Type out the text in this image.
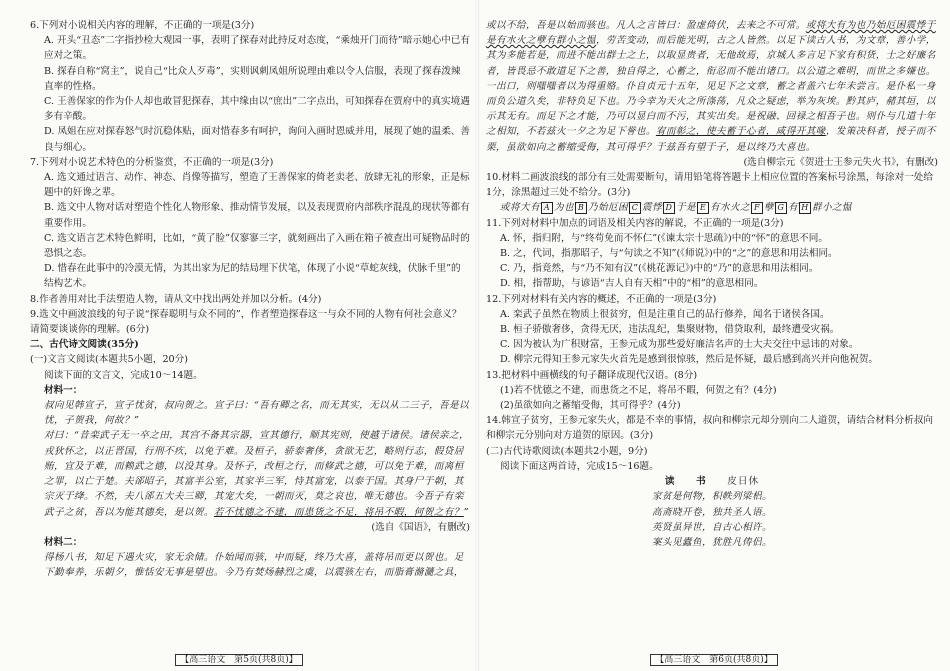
6.下列对小说相关内容的理解，不正确的一项是(3分)

A. 开头“丑态”二字指抄检大观园一事，表明了探春对此持反对态度，“乘烛开门而待”暗示她心中已有应对之策。

B. 探春自称“窝主”，说自己“比众人歹毒”，实则讽刺凤姐所说理由难以令人信服，表现了探春泼辣直率的性格。

C. 王善保家的作为仆人却也敢冒犯探春，其中缘由以“庶出”二字点出，可知探春在贾府中的真实境遇多有辛酸。

D. 凤姐在应对探春怒气时沉稳体贴，面对惜春多有呵护，询问入画时恩威并用，展现了她的温柔、善良与细心。

7.下列对小说艺术特色的分析鉴赏，不正确的一项是(3分)

A. 选文通过语言、动作、神态、肖像等描写，塑造了王善保家的倚老卖老、放肆无礼的形象，正是标题中的奸谗之辈。

B. 选文中人物对话对塑造个性化人物形象、推动情节发展，以及表现贾府内部秩序混乱的现状等都有重要作用。

C. 选文语言艺术特色鲜明，比如，“黄了脸”仅寥寥三字，就刻画出了入画在箱子被查出可疑物品时的恐惧之态。

D. 惜春在此事中的冷漠无情，为其出家为尼的结局埋下伏笔，体现了小说“草蛇灰线，伏脉千里”的结构艺术。

8.作者善用对比手法塑造人物，请从文中找出两处并加以分析。(4分)

9.选文中画波浪线的句子说“探春聪明与众不同的”，作者塑造探春这一与众不同的人物有何社会意义？请简要谈谈你的理解。(6分)

二、古代诗文阅读(35分)

(一)文言文阅读(本题共5小题，20分)

阅读下面的文言文，完成10～14题。

材料一：

叔向见韩宣子，宣子忧贫，叔向贺之。宣子曰：“吾有卿之名，而无其实，无以从二三子，吾是以忧，子贺我，何故？”

对曰：“昔栾武子无一卒之田，其宫不备其宗器，宣其德行，顺其宪则，使越于诸侯。诸侯亲之，戎狄怀之，以正晋国，行刑不疚，以免于难。及桓子，骄泰奢侈，贪欲无艺，略则行志，假贷居贿，宜及于难，而赖武之德，以没其身。及怀子，改桓之行，而修武之德，可以免于难，而离桓之罪，以亡于楚。夫郤昭子，其富半公室，其家半三军，恃其富宠，以泰于国。其身尸于朝，其宗灭于绛。不然，夫八郤五大夫三卿，其宠大矣，一朝而灭，莫之哀也，唯无德也。今吾子有栾武子之贫，吾以为能其德矣，是以贺。若不忧德之不建，而患货之不足，将吊不暇，何贺之有？”

(选自《国语》，有删改)

材料二：

得杨八书，知足下遇火灾，家无余储。仆始闻而骇，中而疑，终乃大喜，盖将吊而更以贺也。足下勤奉养，乐朝夕，惟恬安无事是望也。今乃有焚炀赫烈之虞，以震骇左右，而脂膏滫瀡之具，

【高三语文　第5页(共8页)】

或以不给，吾是以始而骇也。凡人之言皆曰：盈虚倚伏，去来之不可常。或将大有为也乃始厄困震悸于是有水火之孽有群小之愠，劳苦变动，而后能光明，古之人皆然。以足下读古人书，为文章，善小学，其为多能若是，而进不能出群士之上，以取显贵者，无他故焉，京城人多言足下家有积货，士之好廉名者，皆畏忌不敢道足下之善，独自得之，心蓄之，衔忍而不能出诸口。以公道之难明，而世之多嫌也。一出口，则嗤嗤者以为得重赂。仆自贞元十五年，见足下之文章，蓄之者盖六七年未尝言。是仆私一身而负公道久矣，非特负足下也。乃今幸为天火之所涤荡，凡众之疑虑，举为灰埃。黔其庐，赭其垣，以示其无有。而足下之才能，乃可以显白而不污，其实出矣。是祝融、回禄之相吾子也。则仆与几道十年之相知，不若兹火一夕之为足下誉也。宥而彰之，使夫蓄于心者，咸得开其喙，发策决科者，授子而不栗，虽欲如向之蓄缩受侮，其可得乎？于兹吾有望于子，是以终乃大喜也。

(选自柳宗元《贺进士王参元失火书》，有删改)

10.材料二画波浪线的部分有三处需要断句，请用铅笔将答题卡上相应位置的答案标号涂黑，每涂对一处给1分，涂黑超过三处不给分。(3分)

或将大有 A 为也 B 乃始厄困 C 震悸 D 于是 E 有水火之 F 孽 G 有 H 群小之愠

11.下列对材料中加点的词语及相关内容的解说，不正确的一项是(3分)

A. 怀，指归附，与“终苟免而不怀仁”(《谏太宗十思疏》)中的“怀”的意思不同。

B. 之，代词，指那昭子，与“句读之不知”(《师说》)中的“之”的意思和用法相同。

C. 乃，指竟然，与“乃不知有汉”(《桃花源记》)中的“乃”的意思和用法相同。

D. 相，指帮助，与谚语“吉人自有天相”中的“相”的意思相同。

12.下列对材料有关内容的概述，不正确的一项是(3分)

A. 栾武子虽然在物质上很贫穷，但是注重自己的品行修养，闻名于诸侯各国。

B. 桓子骄傲奢侈，贪得无厌，违法乱纪，集聚财物，借贷取利，最终遭受灾祸。

C. 因为被认为广积财富，王参元成为那些爱好廉洁名声的士大夫交往中忌讳的对象。

D. 柳宗元得知王参元家失火首先是感到很惊骇，然后是怀疑，最后感到高兴并向他祝贺。

13.把材料中画横线的句子翻译成现代汉语。(8分)

(1)若不忧德之不建，而患货之不足，将吊不暇，何贺之有？(4分)

(2)虽欲如向之蓄缩受侮，其可得乎？(4分)

14.韩宣子贫穷，王参元家失火，都是不幸的事情，叔向和柳宗元却分别向二人道贺，请结合材料分析叔向和柳宗元分别向对方道贺的原因。(3分)

(二)古代诗歌阅读(本题共2小题，9分)

阅读下面这两首诗，完成15～16题。

读　书　 皮日休

家贫是何物，积帙列梁梠。

高斋晓开卷，独共圣人语。

英贤虽异世，自古心相许。

案头见蠹鱼，犹胜凡俦侣。

【高三语文　第6页(共8页)】
